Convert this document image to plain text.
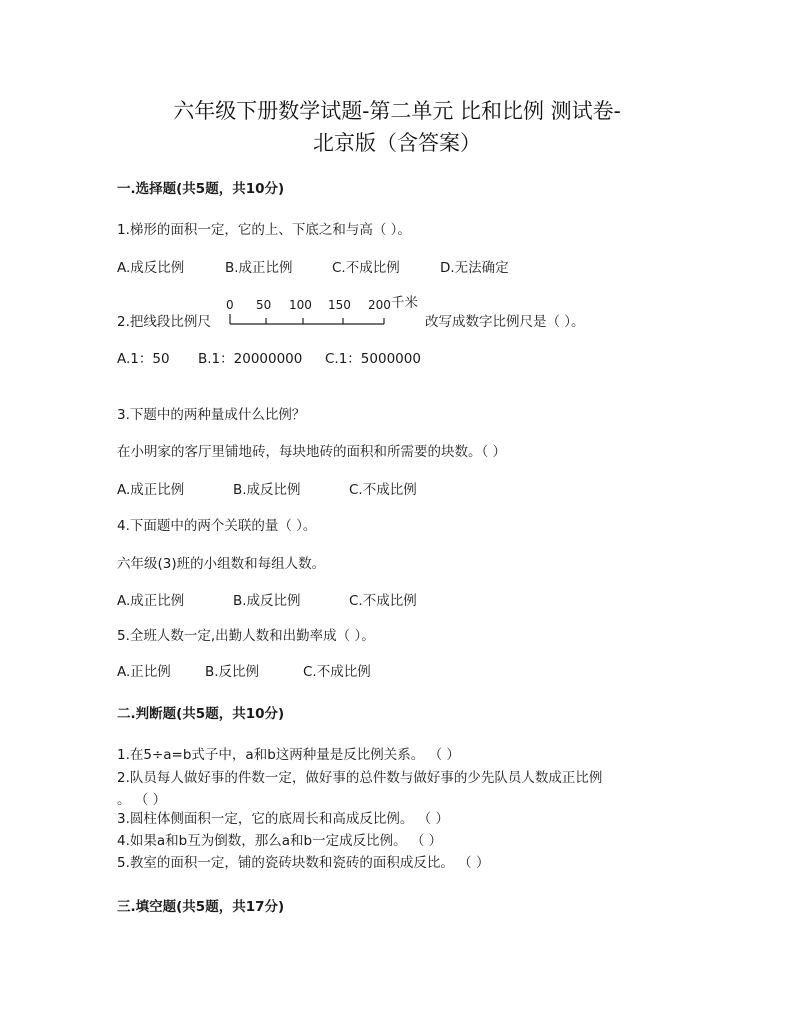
六年级下册数学试题-第二单元 比和比例 测试卷-
北京版（含答案）
一.选择题(共5题，共10分)
1.梯形的面积一定，它的上、下底之和与高（ ）。
A.成反比例	B.成正比例	C.不成比例	D.无法确定
2.把线段比例尺
0 50 100 150 200 千米
改写成数字比例尺是（ ）。
A.1：50 B.1：20000000 C.1：5000000
3.下题中的两种量成什么比例？
在小明家的客厅里铺地砖，每块地砖的面积和所需要的块数。（ ）
A.成正比例	B.成反比例	C.不成比例
4.下面题中的两个关联的量（ ）。
六年级(3)班的小组数和每组人数。
A.成正比例	B.成反比例	C.不成比例
5.全班人数一定,出勤人数和出勤率成（ ）。
A.正比例	B.反比例	C.不成比例
二.判断题(共5题，共10分)
1.在5÷a=b式子中，a和b这两种量是反比例关系。 （ ）
2.队员每人做好事的件数一定，做好事的总件数与做好事的少先队员人数成正比例
。 （ ）
3.圆柱体侧面积一定，它的底周长和高成反比例。 （ ）
4.如果a和b互为倒数，那么a和b一定成反比例。 （ ）
5.教室的面积一定，铺的瓷砖块数和瓷砖的面积成反比。 （ ）
三.填空题(共5题，共17分)
